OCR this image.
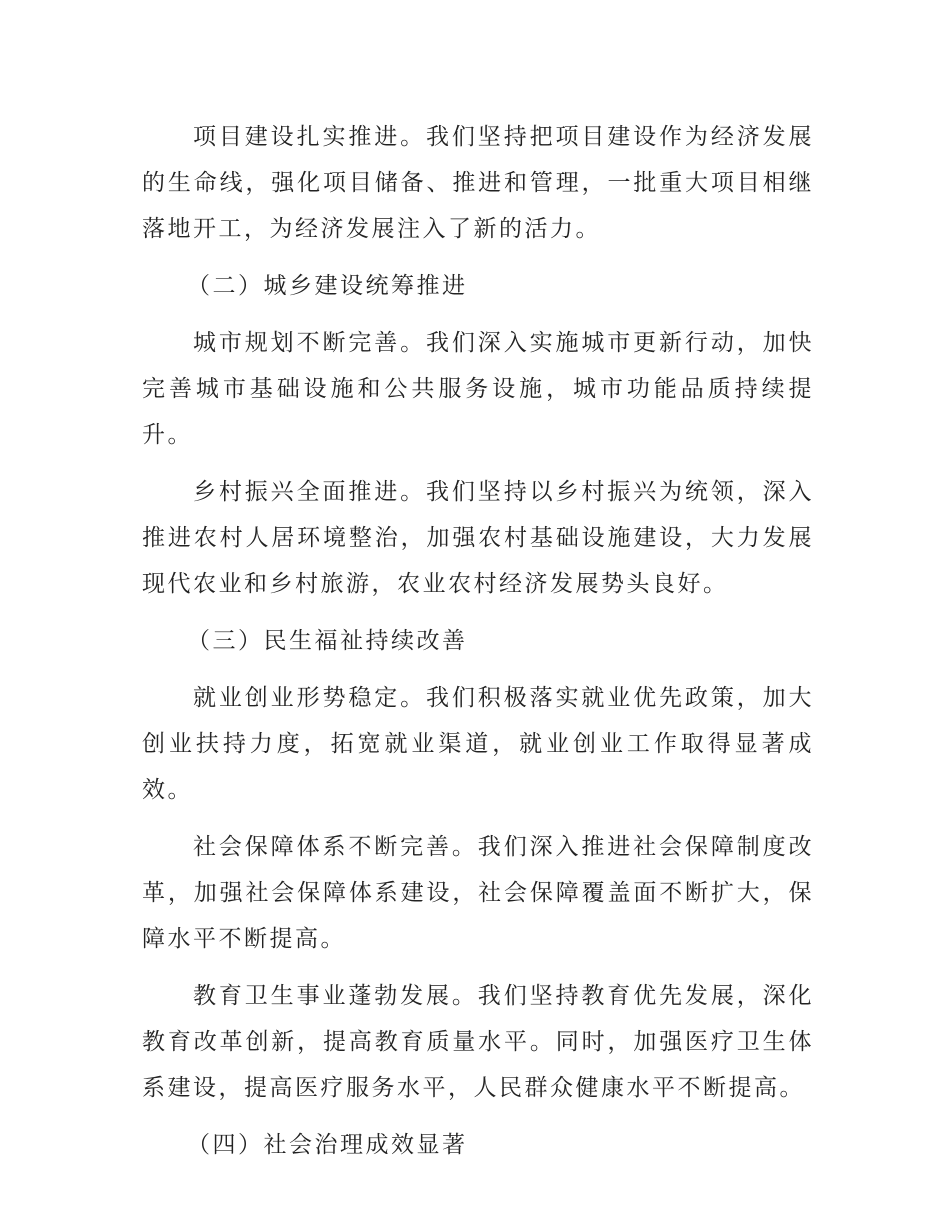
项目建设扎实推进。我们坚持把项目建设作为经济发展的生命线，强化项目储备、推进和管理，一批重大项目相继落地开工，为经济发展注入了新的活力。

（二）城乡建设统筹推进

城市规划不断完善。我们深入实施城市更新行动，加快完善城市基础设施和公共服务设施，城市功能品质持续提升。

乡村振兴全面推进。我们坚持以乡村振兴为统领，深入推进农村人居环境整治，加强农村基础设施建设，大力发展现代农业和乡村旅游，农业农村经济发展势头良好。

（三）民生福祉持续改善

就业创业形势稳定。我们积极落实就业优先政策，加大创业扶持力度，拓宽就业渠道，就业创业工作取得显著成效。

社会保障体系不断完善。我们深入推进社会保障制度改革，加强社会保障体系建设，社会保障覆盖面不断扩大，保障水平不断提高。

教育卫生事业蓬勃发展。我们坚持教育优先发展，深化教育改革创新，提高教育质量水平。同时，加强医疗卫生体系建设，提高医疗服务水平，人民群众健康水平不断提高。

（四）社会治理成效显著
